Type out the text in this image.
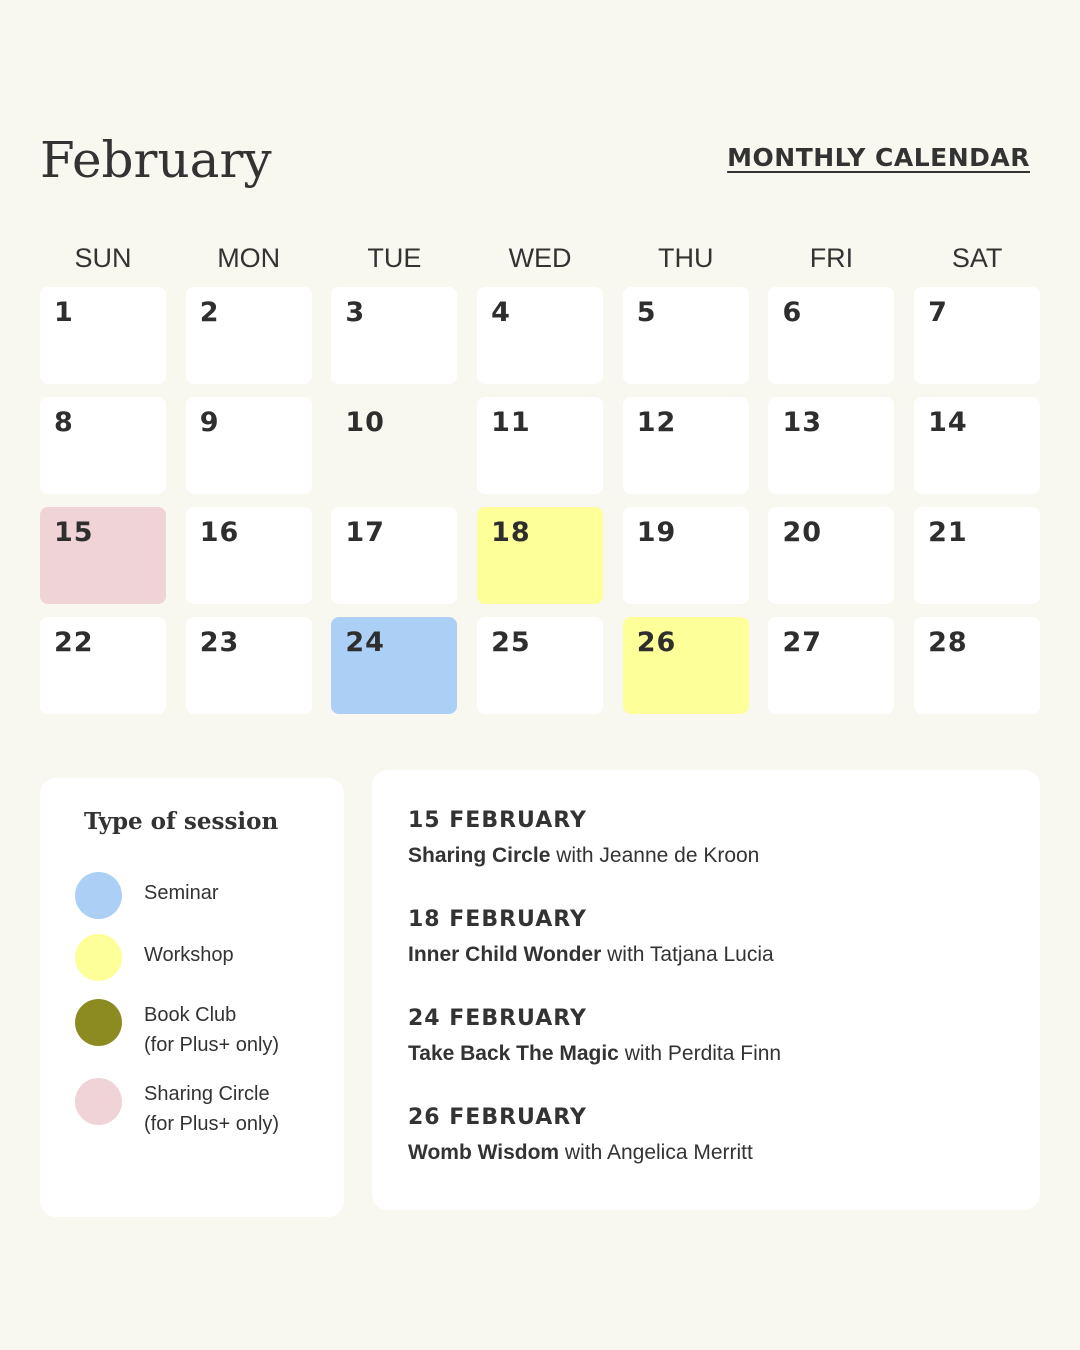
February	MONTHLY CALENDAR
SUN	MON	TUE	WED	THU	FRI	SAT
1	2	3	4	5	6	7
8	9	10	11	12	13	14
15	16	17	18	19	20	21
22	23	24	25	26	27	28
Type of session
Seminar
Workshop
Book Club
(for Plus+ only)
Sharing Circle
(for Plus+ only)
15 FEBRUARY
Sharing Circle with Jeanne de Kroon
18 FEBRUARY
Inner Child Wonder with Tatjana Lucia
24 FEBRUARY
Take Back The Magic with Perdita Finn
26 FEBRUARY
Womb Wisdom with Angelica Merritt
